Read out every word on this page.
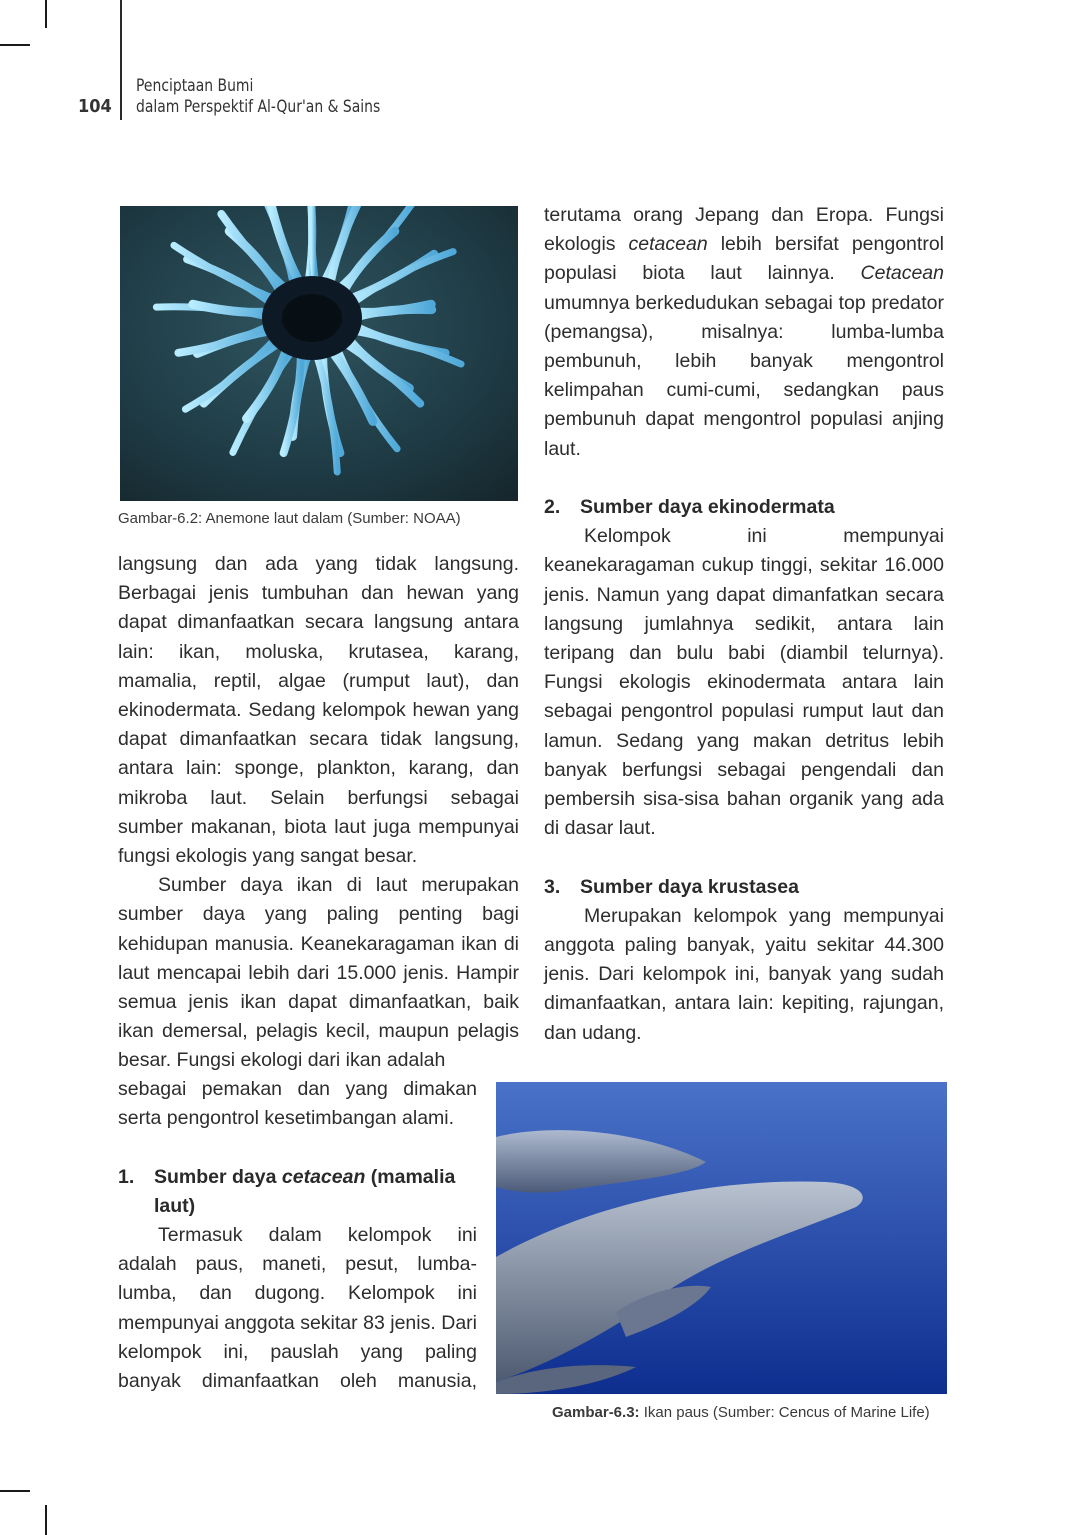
104
Penciptaan Bumi
dalam Perspektif Al-Qur'an & Sains
Gambar-6.2: Anemone laut dalam (Sumber: NOAA)

langsung dan ada yang tidak langsung. Berbagai jenis tumbuhan dan hewan yang dapat dimanfaatkan secara langsung antara lain: ikan, moluska, krutasea, karang, mamalia, reptil, algae (rumput laut), dan ekinodermata. Sedang kelompok hewan yang dapat dimanfaatkan secara tidak langsung, antara lain: sponge, plankton, karang, dan mikroba laut. Selain berfungsi sebagai sumber makanan, biota laut juga mempunyai fungsi ekologis yang sangat besar.

Sumber daya ikan di laut merupakan sumber daya yang paling penting bagi kehidupan manusia. Keanekaragaman ikan di laut mencapai lebih dari 15.000 jenis. Hampir semua jenis ikan dapat dimanfaatkan, baik ikan demersal, pelagis kecil, maupun pelagis besar. Fungsi ekologi dari ikan adalah

sebagai pemakan dan yang dimakan serta pengontrol kesetimbangan alami.

1.	Sumber daya cetacean (mamalia laut)

Termasuk dalam kelompok ini adalah paus, maneti, pesut, lumba-lumba, dan dugong. Kelompok ini mempunyai anggota sekitar 83 jenis. Dari kelompok ini, pauslah yang paling banyak dimanfaatkan oleh manusia,

terutama orang Jepang dan Eropa. Fungsi ekologis cetacean lebih bersifat pengontrol populasi biota laut lainnya. Cetacean umumnya berkedudukan sebagai top predator (pemangsa), misalnya: lumba-lumba pembunuh, lebih banyak mengontrol kelimpahan cumi-cumi, sedangkan paus pembunuh dapat mengontrol populasi anjing laut.

2.	Sumber daya ekinodermata

Kelompok ini mempunyai keanekaragaman cukup tinggi, sekitar 16.000 jenis. Namun yang dapat dimanfatkan secara langsung jumlahnya sedikit, antara lain teripang dan bulu babi (diambil telurnya). Fungsi ekologis ekinodermata antara lain sebagai pengontrol populasi rumput laut dan lamun. Sedang yang makan detritus lebih banyak berfungsi sebagai pengendali dan pembersih sisa-sisa bahan organik yang ada di dasar laut.

3.	Sumber daya krustasea

Merupakan kelompok yang mempunyai anggota paling banyak, yaitu sekitar 44.300 jenis. Dari kelompok ini, banyak yang sudah dimanfaatkan, antara lain: kepiting, rajungan, dan udang.

Gambar-6.3: Ikan paus (Sumber: Cencus of Marine Life)
